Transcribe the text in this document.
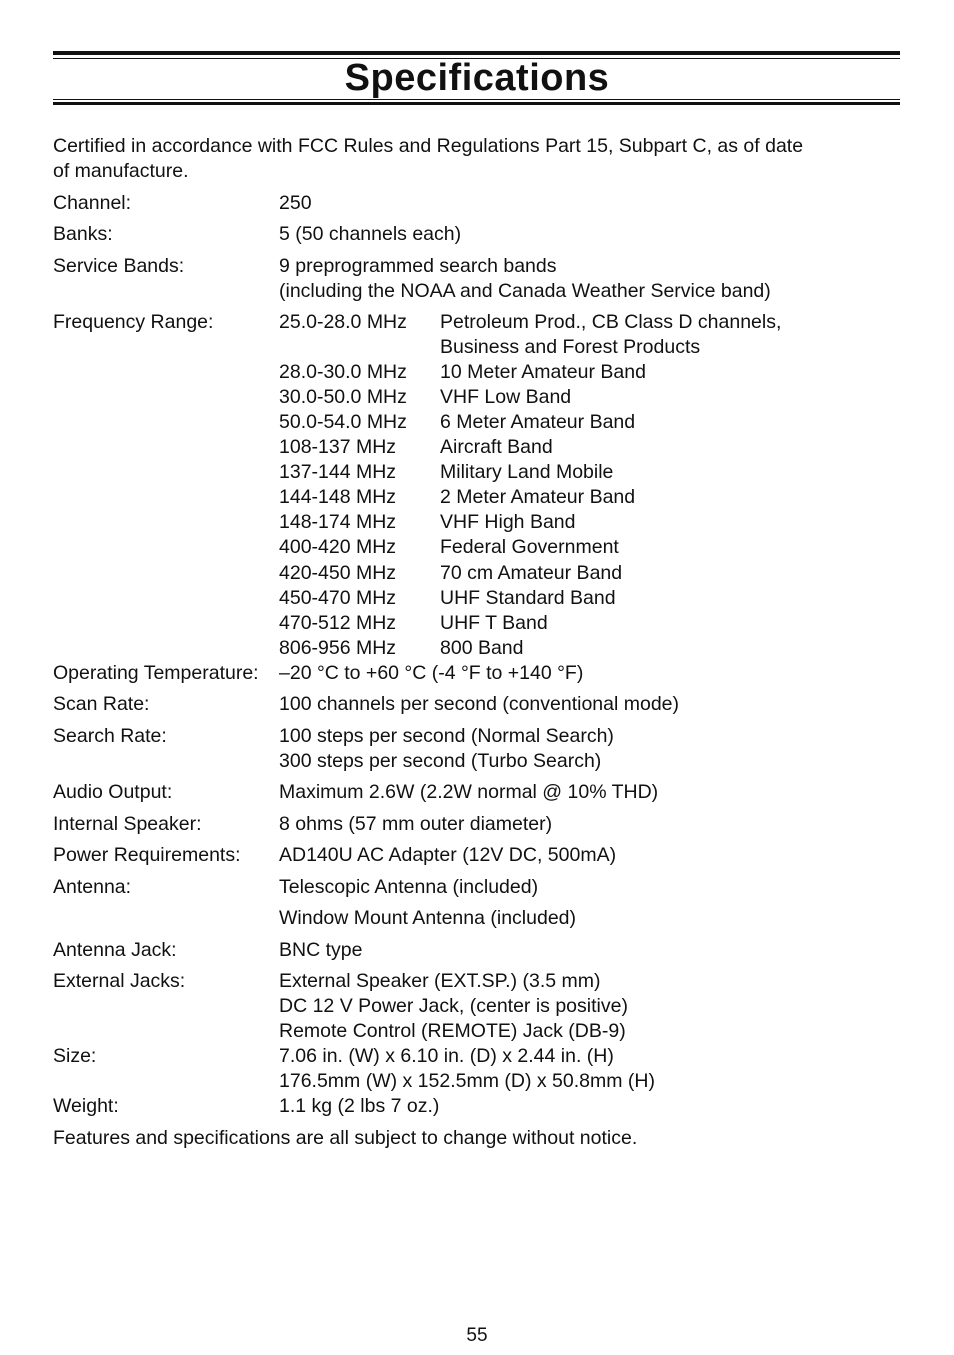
Specifications
Certified in accordance with FCC Rules and Regulations Part 15, Subpart C, as of date
of manufacture.
Channel:	250
Banks:	5 (50 channels each)
Service Bands:	9 preprogrammed search bands
(including the NOAA and Canada Weather Service band)
Frequency Range:	25.0-28.0 MHz Petroleum Prod., CB Class D channels,
Business and Forest Products
28.0-30.0 MHz 10 Meter Amateur Band
30.0-50.0 MHz VHF Low Band
50.0-54.0 MHz 6 Meter Amateur Band
108-137 MHz Aircraft Band
137-144 MHz Military Land Mobile
144-148 MHz 2 Meter Amateur Band
148-174 MHz VHF High Band
400-420 MHz Federal Government
420-450 MHz 70 cm Amateur Band
450-470 MHz UHF Standard Band
470-512 MHz UHF T Band
806-956 MHz 800 Band
Operating Temperature: –20 °C to +60 °C (-4 °F to +140 °F)
Scan Rate:	100 channels per second (conventional mode)
Search Rate:	100 steps per second (Normal Search)
300 steps per second (Turbo Search)
Audio Output:	Maximum 2.6W (2.2W normal @ 10% THD)
Internal Speaker:	8 ohms (57 mm outer diameter)
Power Requirements: AD140U AC Adapter (12V DC, 500mA)
Antenna:	Telescopic Antenna (included)
Window Mount Antenna (included)
Antenna Jack:	BNC type
External Jacks:	External Speaker (EXT.SP.) (3.5 mm)
DC 12 V Power Jack, (center is positive)
Remote Control (REMOTE) Jack (DB-9)
Size:	7.06 in. (W) x 6.10 in. (D) x 2.44 in. (H)
176.5mm (W) x 152.5mm (D) x 50.8mm (H)
Weight:	1.1 kg (2 lbs 7 oz.)
Features and specifications are all subject to change without notice.
55
